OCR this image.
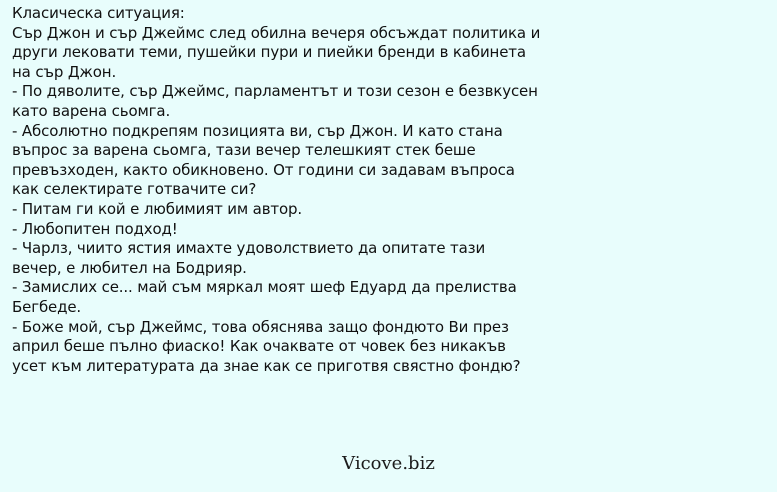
Класическа ситуация:
Сър Джон и сър Джеймс след обилна вечеря обсъждат политика и
други лековати теми, пушейки пури и пиейки бренди в кабинета
на сър Джон.
- По дяволите, сър Джеймс, парламентът и този сезон е безвкусен
като варена сьомга.
- Абсолютно подкрепям позицията ви, сър Джон. И като стана
въпрос за варена сьомга, тази вечер телешкият стек беше
превъзходен, както обикновено. От години си задавам въпроса
как селектирате готвачите си?
- Питам ги кой е любимият им автор.
- Любопитен подход!
- Чарлз, чиито ястия имахте удоволствието да опитате тази
вечер, е любител на Бодрияр.
- Замислих се... май съм мяркал моят шеф Едуард да прелиства
Бегбеде.
- Боже мой, сър Джеймс, това обяснява защо фондюто Ви през
април беше пълно фиаско! Как очаквате от човек без никакъв
усет към литературата да знае как се приготвя свястно фондю?
Vicove.biz
